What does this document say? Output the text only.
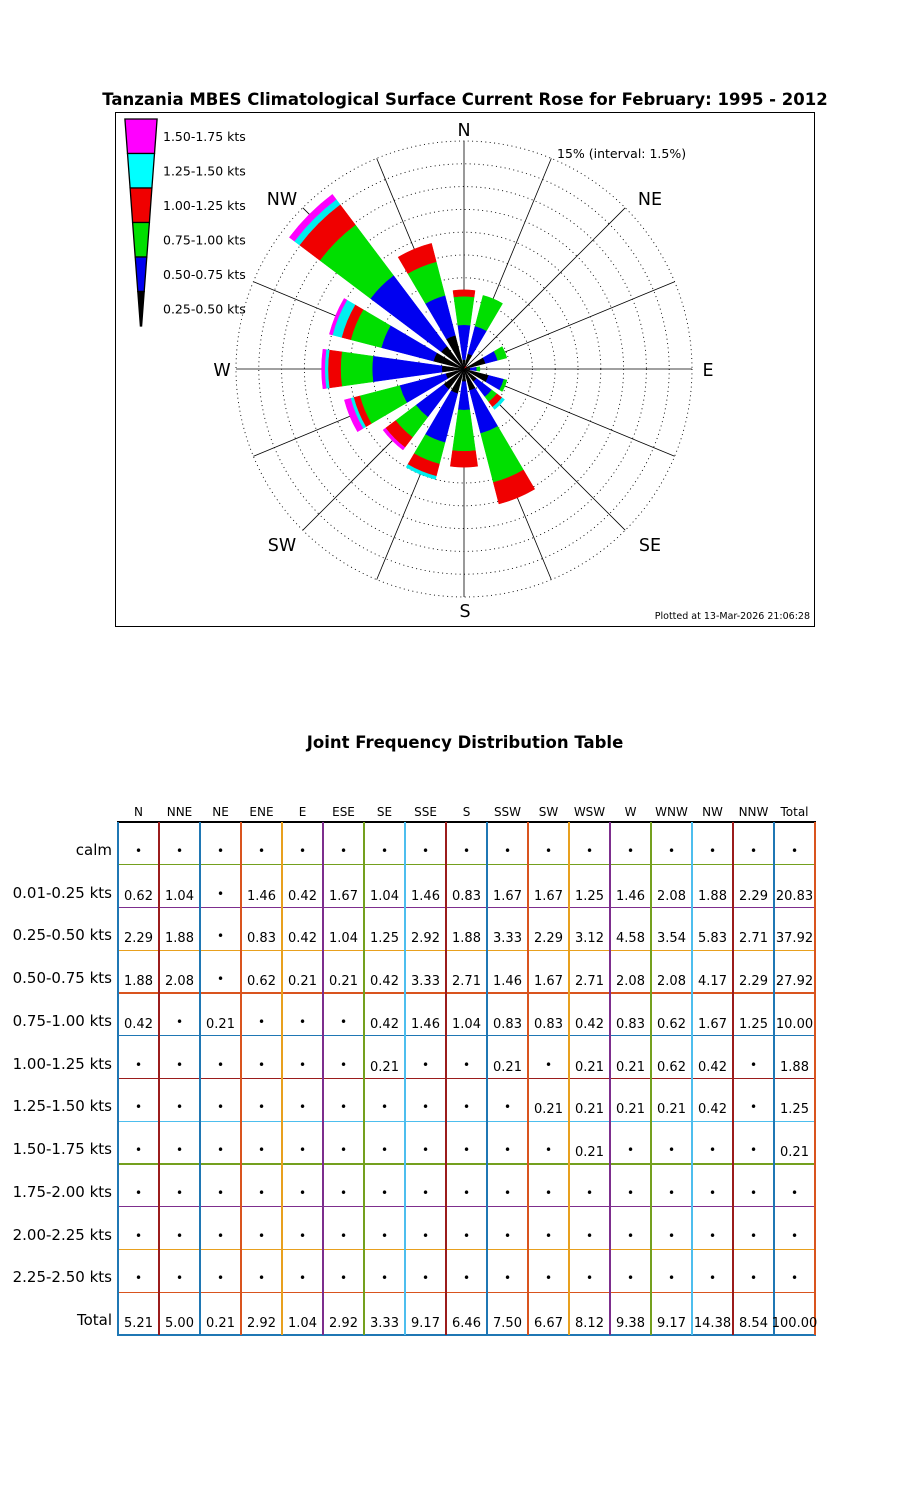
Tanzania MBES Climatological Surface Current Rose for February: 1995 - 2012
N
NE
E
SE
S
SW
W
NW
15% (interval: 1.5%)
Plotted at 13-Mar-2026 21:06:28
1.50-1.75 kts
1.25-1.50 kts
1.00-1.25 kts
0.75-1.00 kts
0.50-0.75 kts
0.25-0.50 kts
Joint Frequency Distribution Table
N	NNE	NE	ENE	E	ESE	SE	SSE	S	SSW	SW	WSW	W	WNW	NW	NNW	Total
calm	•	•	•	•	•	•	•	•	•	•	•	•	•	•	•	•	•
0.01-0.25 kts 0.62 1.04	•	1.46 0.42 1.67 1.04 1.46 0.83 1.67 1.67 1.25 1.46 2.08 1.88 2.29 20.83
0.25-0.50 kts 2.29 1.88	•	0.83 0.42 1.04 1.25 2.92 1.88 3.33 2.29 3.12 4.58 3.54 5.83 2.71 37.92
0.50-0.75 kts 1.88 2.08	•	0.62 0.21 0.21 0.42 3.33 2.71 1.46 1.67 2.71 2.08 2.08 4.17 2.29 27.92
0.75-1.00 kts 0.42	•	0.21	•	•	•	0.42 1.46 1.04 0.83 0.83 0.42 0.83 0.62 1.67 1.25 10.00
1.00-1.25 kts	•	•	•	•	•	•	0.21	•	•	0.21	•	0.21 0.21 0.62 0.42	•	1.88
1.25-1.50 kts	•	•	•	•	•	•	•	•	•	•	0.21 0.21 0.21 0.21 0.42	•	1.25
1.50-1.75 kts	•	•	•	•	•	•	•	•	•	•	•	0.21	•	•	•	•	0.21
1.75-2.00 kts	•	•	•	•	•	•	•	•	•	•	•	•	•	•	•	•	•
2.00-2.25 kts	•	•	•	•	•	•	•	•	•	•	•	•	•	•	•	•	•
2.25-2.50 kts	•	•	•	•	•	•	•	•	•	•	•	•	•	•	•	•	•
Total 5.21 5.00 0.21 2.92 1.04 2.92 3.33 9.17 6.46 7.50 6.67 8.12 9.38 9.17 14.38 8.54 100.00
